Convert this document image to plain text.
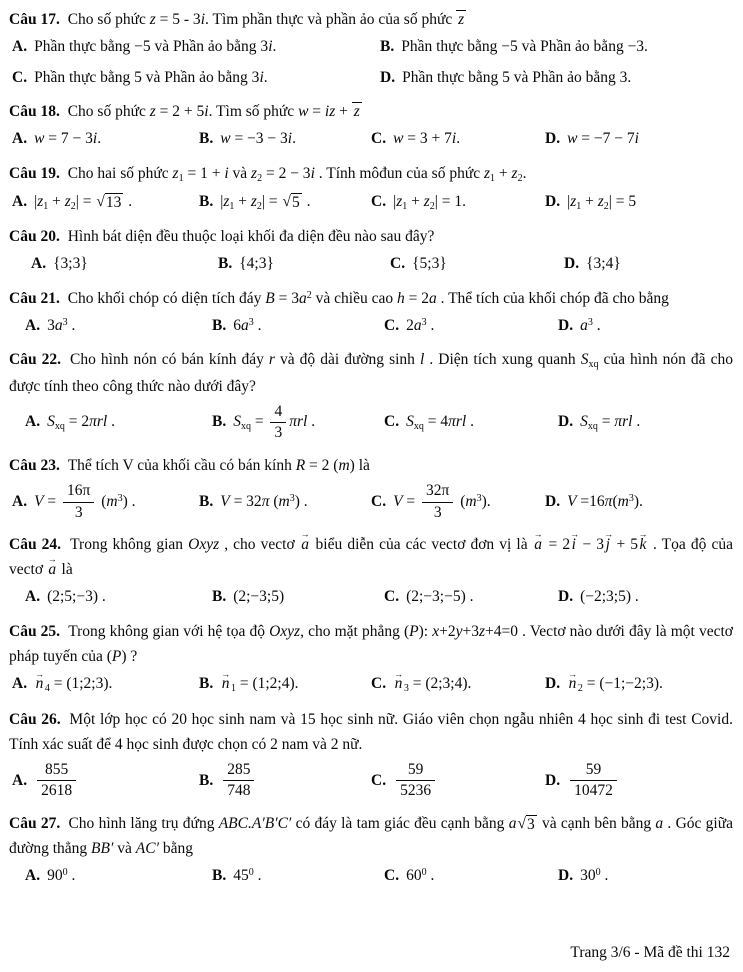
Câu 17. Cho số phức z = 5 - 3i. Tìm phần thực và phần ảo của số phức z

A. Phần thực bằng −5 và Phần ảo bằng 3i.	B. Phần thực bằng −5 và Phần ảo bằng −3.
C. Phần thực bằng 5 và Phần ảo bằng 3i.	D. Phần thực bằng 5 và Phần ảo bằng 3.

Câu 18. Cho số phức z = 2 + 5i. Tìm số phức w = iz + z

A. w = 7 − 3i.	B. w = −3 − 3i.	C. w = 3 + 7i.	D. w = −7 − 7i

Câu 19. Cho hai số phức $z_1 = 1 + i$ và $z_2 = 2 - 3i$ . Tính môđun của số phức $z_1 + z_2$.

A. $|z_1 + z_2|$ = √ 13 .	B. $|z_1 + z_2|$ = √ 5 .	C. $|z_1 + z_2| = 1$.	D. $|z_1 + z_2| = 5$

Câu 20. Hình bát diện đều thuộc loại khối đa diện đều nào sau đây?

A. {3;3}	B. {4;3}	C. {5;3}	D. {3;4}

Câu 21. Cho khối chóp có diện tích đáy $B = 3a^2$ và chiều cao h = 2a . Thể tích của khối chóp đã cho bằng

A. $3a^3$ .	B. $6a^3$ .	C. $2a^3$ .	D. $a^3$ .

Câu 22. Cho hình nón có bán kính đáy r và độ dài đường sinh l . Diện tích xung quanh $S_{xq}$ của hình nón đã cho được tính theo công thức nào dưới đây?

A. $S_{xq} = 2\pi rl$ .	B. $S_{xq} = \frac{4}{3}$ πrl .	C. $S_{xq} = 4\pi rl$ .	D. $S_{xq} = \pi rl$ .

Câu 23. Thể tích V của khối cầu có bán kính R = 2 (m) là

A. $V = \frac{16\pi}{3} (m^3)$ .	B. V = 32π $(m^3)$ .	C. $V = \frac{32\pi}{3} (m^3)$.	D. $V =16\pi(m^3)$.

Câu 24. Trong không gian Oxyz , cho vectơ a → biểu diễn của các vectơ đơn vị là a → = 2i → − 3j → + 5k → . Tọa độ của vectơ a → là

A. (2;5;−3) .	B. (2;−3;5)	C. (2;−3;−5) .	D. (−2;3;5) .

Câu 25. Trong không gian với hệ tọa độ Oxyz, cho mặt phẳng (P): x+2y+3z+4=0 . Vectơ nào dưới đây là một vectơ pháp tuyến của (P) ?

A. n → $_4$ = (1;2;3).	B. n → $_1$ = (1;2;4).	C. n → $_3$ = (2;3;4).	D. n → $_2$ = (−1;−2;3).

Câu 26. Một lớp học có 20 học sinh nam và 15 học sinh nữ. Giáo viên chọn ngẫu nhiên 4 học sinh đi test Covid. Tính xác suất để 4 học sinh được chọn có 2 nam và 2 nữ.

A. $\frac{855}{2618}$	B. $\frac{285}{748}$	C. $\frac{59}{5236}$	D. $\frac{59}{10472}$

Câu 27. Cho hình lăng trụ đứng ABC.A′B′C′ có đáy là tam giác đều cạnh bằng a √ 3 và cạnh bên bằng a . Góc giữa đường thẳng BB′ và AC′ bằng

A. $90^0$ .	B. $45^0$ .	C. $60^0$ .	D. $30^0$ .
Trang 3/6 - Mã đề thi 132
